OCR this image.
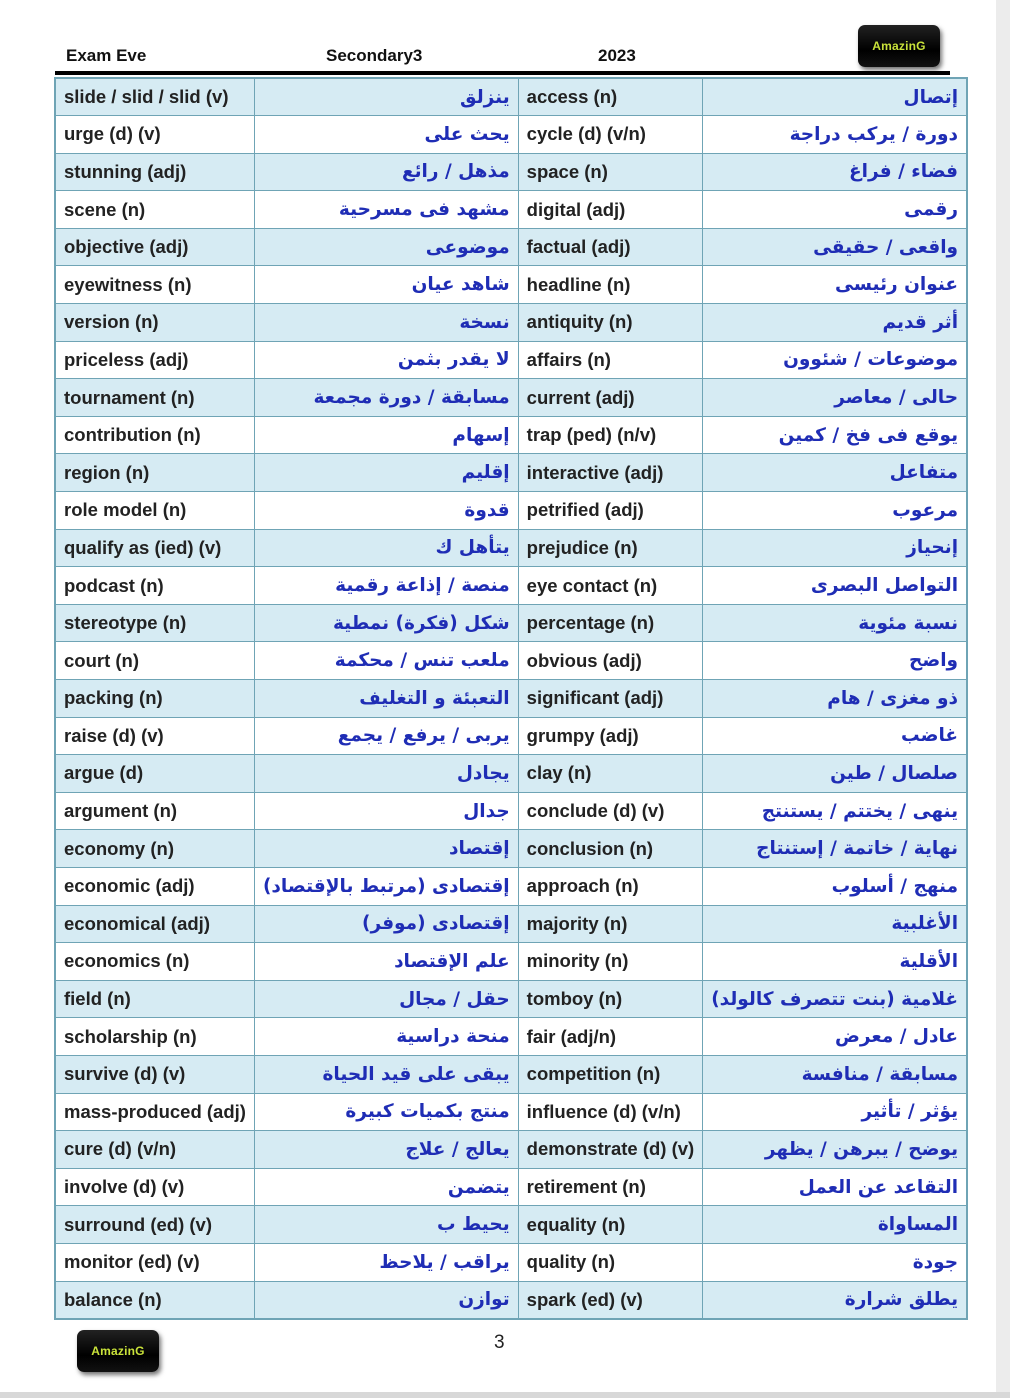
Exam Eve	Secondary3	2023	AmazinG
slide / slid / slid (v)	ينزلق	access (n)	إتصال
urge (d) (v)	يحث على	cycle (d) (v/n)	دورة / يركب دراجة
stunning (adj)	مذهل / رائع	space (n)	فضاء / فراغ
scene (n)	مشهد فى مسرحية	digital (adj)	رقمى
objective (adj)	موضوعى	factual (adj)	واقعى / حقيقى
eyewitness (n)	شاهد عيان	headline (n)	عنوان رئيسى
version (n)	نسخة	antiquity (n)	أثر قديم
priceless (adj)	لا يقدر بثمن	affairs (n)	موضوعات / شئوون
tournament (n)	مسابقة / دورة مجمعة	current (adj)	حالى / معاصر
contribution (n)	إسهام	trap (ped) (n/v)	يوقع فى فخ / كمين
region (n)	إقليم	interactive (adj)	متفاعل
role model (n)	قدوة	petrified (adj)	مرعوب
qualify as (ied) (v)	يتأهل ك	prejudice (n)	إنحياز
podcast (n)	منصة / إذاعة رقمية	eye contact (n)	التواصل البصرى
stereotype (n)	شكل (فكرة) نمطية	percentage (n)	نسبة مئوية
court (n)	ملعب تنس / محكمة	obvious (adj)	واضح
packing (n)	التعبئة و التغليف	significant (adj)	ذو مغزى / هام
raise (d) (v)	يربى / يرفع / يجمع	grumpy (adj)	غاضب
argue (d)	يجادل	clay (n)	صلصال / طين
argument (n)	جدال	conclude (d) (v)	ينهى / يختتم / يستنتج
economy (n)	إقتصاد	conclusion (n)	نهاية / خاتمة / إستنتاج
economic (adj)	إقتصادى (مرتبط بالإقتصاد)	approach (n)	منهج / أسلوب
economical (adj)	إقتصادى (موفر)	majority (n)	الأغلبية
economics (n)	علم الإقتصاد	minority (n)	الأقلية
field (n)	حقل / مجال	tomboy (n)	غلامية (بنت تتصرف كالولد)
scholarship (n)	منحة دراسية	fair (adj/n)	عادل / معرض
survive (d) (v)	يبقى على قيد الحياة	competition (n)	مسابقة / منافسة
mass-produced (adj)	منتج بكميات كبيرة	influence (d) (v/n)	يؤثر / تأثير
cure (d) (v/n)	يعالج / علاج	demonstrate (d) (v)	يوضح / يبرهن / يظهر
involve (d) (v)	يتضمن	retirement (n)	التقاعد عن العمل
surround (ed) (v)	يحيط ب	equality (n)	المساواة
monitor (ed) (v)	يراقب / يلاحظ	quality (n)	جودة
balance (n)	توازن	spark (ed) (v)	يطلق شرارة
3
AmazinG
